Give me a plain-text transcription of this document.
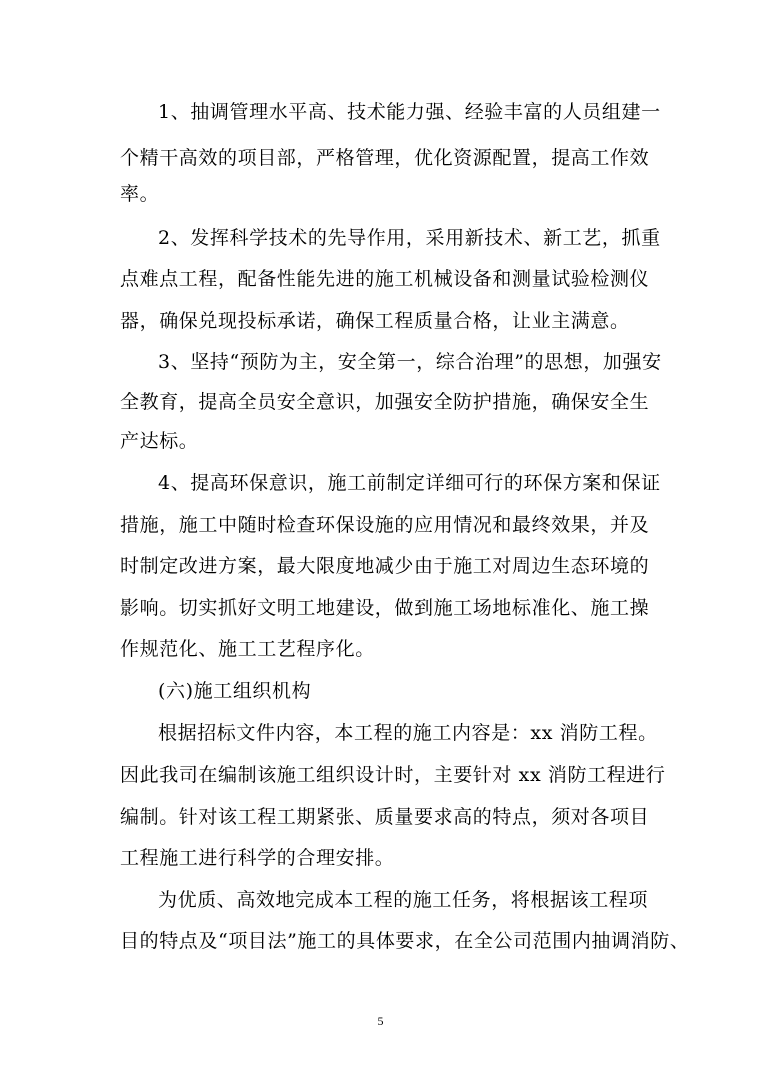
1、抽调管理水平高、技术能力强、经验丰富的人员组建一
个精干高效的项目部，严格管理，优化资源配置，提高工作效
率。
2、发挥科学技术的先导作用，采用新技术、新工艺，抓重
点难点工程，配备性能先进的施工机械设备和测量试验检测仪
器，确保兑现投标承诺，确保工程质量合格，让业主满意。
3、坚持“预防为主，安全第一，综合治理”的思想，加强安
全教育，提高全员安全意识，加强安全防护措施，确保安全生
产达标。
4、提高环保意识，施工前制定详细可行的环保方案和保证
措施，施工中随时检查环保设施的应用情况和最终效果，并及
时制定改进方案，最大限度地减少由于施工对周边生态环境的
影响。切实抓好文明工地建设，做到施工场地标准化、施工操
作规范化、施工工艺程序化。
(六)施工组织机构
根据招标文件内容，本工程的施工内容是：xx 消防工程。
因此我司在编制该施工组织设计时，主要针对 xx 消防工程进行
编制。针对该工程工期紧张、质量要求高的特点，须对各项目
工程施工进行科学的合理安排。
为优质、高效地完成本工程的施工任务，将根据该工程项
目的特点及“项目法”施工的具体要求，在全公司范围内抽调消防、
5
